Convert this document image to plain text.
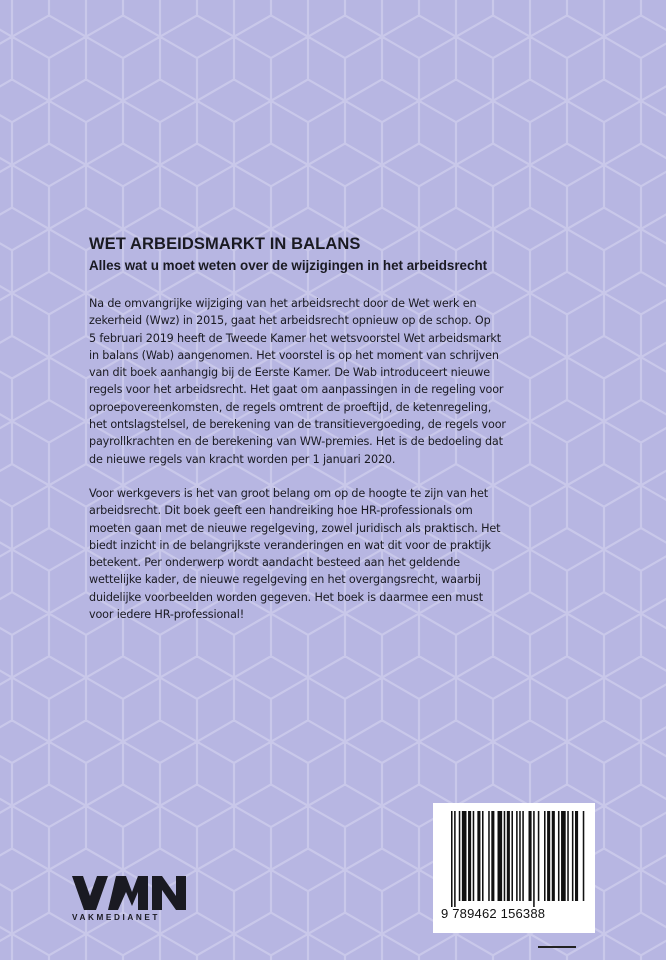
WET ARBEIDSMARKT IN BALANS
Alles wat u moet weten over de wijzigingen in het arbeidsrecht
Na de omvangrijke wijziging van het arbeidsrecht door de Wet werk en
zekerheid (Wwz) in 2015, gaat het arbeidsrecht opnieuw op de schop. Op
5 februari 2019 heeft de Tweede Kamer het wetsvoorstel Wet arbeidsmarkt
in balans (Wab) aangenomen. Het voorstel is op het moment van schrijven
van dit boek aanhangig bij de Eerste Kamer. De Wab introduceert nieuwe
regels voor het arbeidsrecht. Het gaat om aanpassingen in de regeling voor
oproepovereenkomsten, de regels omtrent de proeftijd, de ketenregeling,
het ontslagstelsel, de berekening van de transitievergoeding, de regels voor
payrollkrachten en de berekening van WW-premies. Het is de bedoeling dat
de nieuwe regels van kracht worden per 1 januari 2020.
Voor werkgevers is het van groot belang om op de hoogte te zijn van het
arbeidsrecht. Dit boek geeft een handreiking hoe HR-professionals om
moeten gaan met de nieuwe regelgeving, zowel juridisch als praktisch. Het
biedt inzicht in de belangrijkste veranderingen en wat dit voor de praktijk
betekent. Per onderwerp wordt aandacht besteed aan het geldende
wettelijke kader, de nieuwe regelgeving en het overgangsrecht, waarbij
duidelijke voorbeelden worden gegeven. Het boek is daarmee een must
voor iedere HR-professional!
VAKMEDIANET	9 789462 156388
